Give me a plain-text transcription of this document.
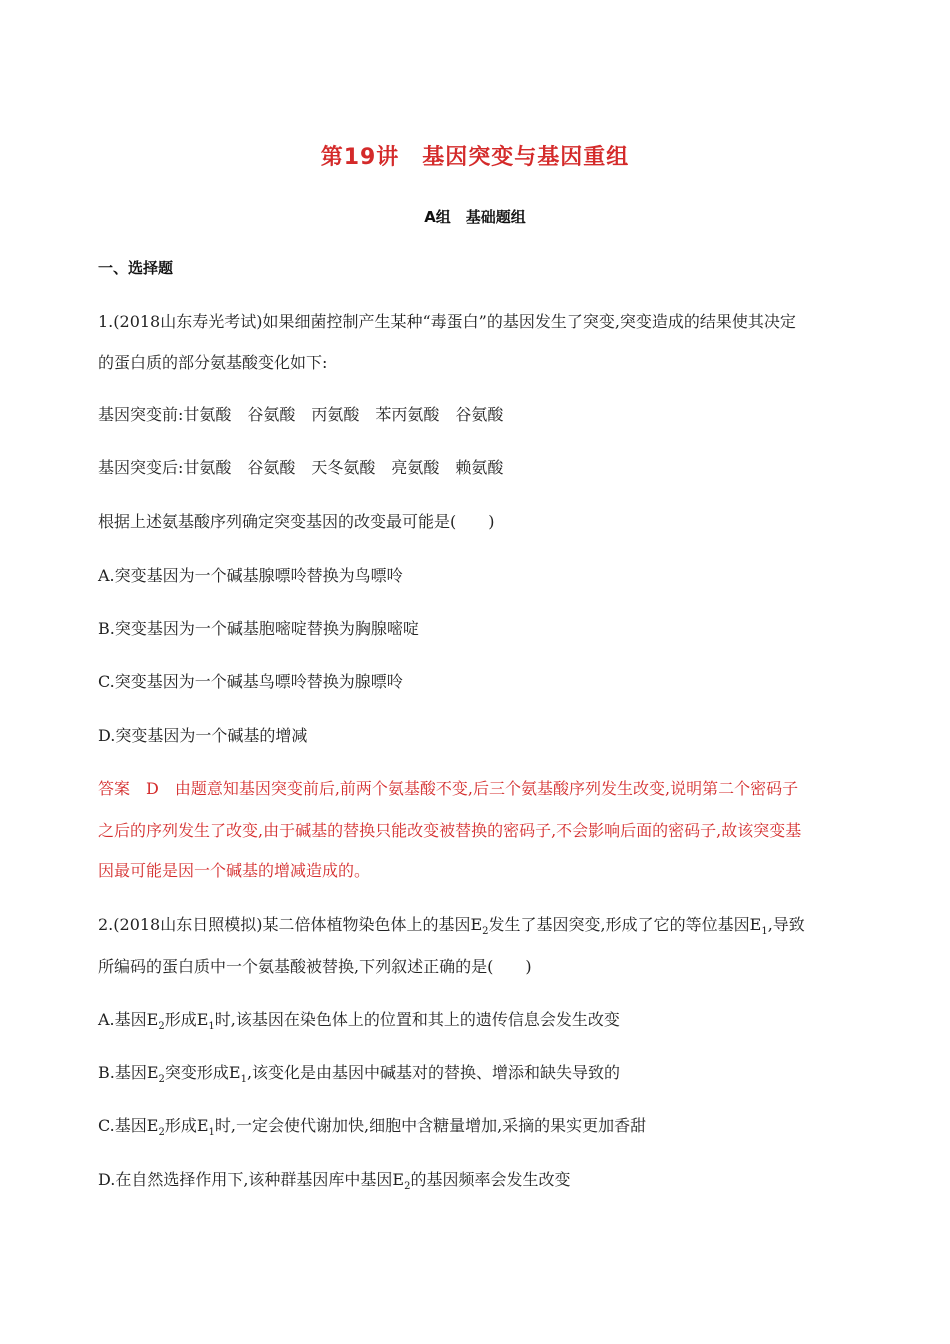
第19讲　基因突变与基因重组
A组　基础题组
一、选择题
1.(2018山东寿光考试)如果细菌控制产生某种“毒蛋白”的基因发生了突变,突变造成的结果使其决定
的蛋白质的部分氨基酸变化如下:
基因突变前:甘氨酸　谷氨酸　丙氨酸　苯丙氨酸　谷氨酸
基因突变后:甘氨酸　谷氨酸　天冬氨酸　亮氨酸　赖氨酸
根据上述氨基酸序列确定突变基因的改变最可能是(　　)
A.突变基因为一个碱基腺嘌呤替换为鸟嘌呤
B.突变基因为一个碱基胞嘧啶替换为胸腺嘧啶
C.突变基因为一个碱基鸟嘌呤替换为腺嘌呤
D.突变基因为一个碱基的增减
答案　D　由题意知基因突变前后,前两个氨基酸不变,后三个氨基酸序列发生改变,说明第二个密码子
之后的序列发生了改变,由于碱基的替换只能改变被替换的密码子,不会影响后面的密码子,故该突变基
因最可能是因一个碱基的增减造成的。
2.(2018山东日照模拟)某二倍体植物染色体上的基因$E_2$发生了基因突变,形成了它的等位基因$E_1$,导致
所编码的蛋白质中一个氨基酸被替换,下列叙述正确的是(　　)
A.基因$E_2$形成$E_1$时,该基因在染色体上的位置和其上的遗传信息会发生改变
B.基因$E_2$突变形成$E_1$,该变化是由基因中碱基对的替换、增添和缺失导致的
C.基因$E_2$形成$E_1$时,一定会使代谢加快,细胞中含糖量增加,采摘的果实更加香甜
D.在自然选择作用下,该种群基因库中基因$E_2$的基因频率会发生改变
